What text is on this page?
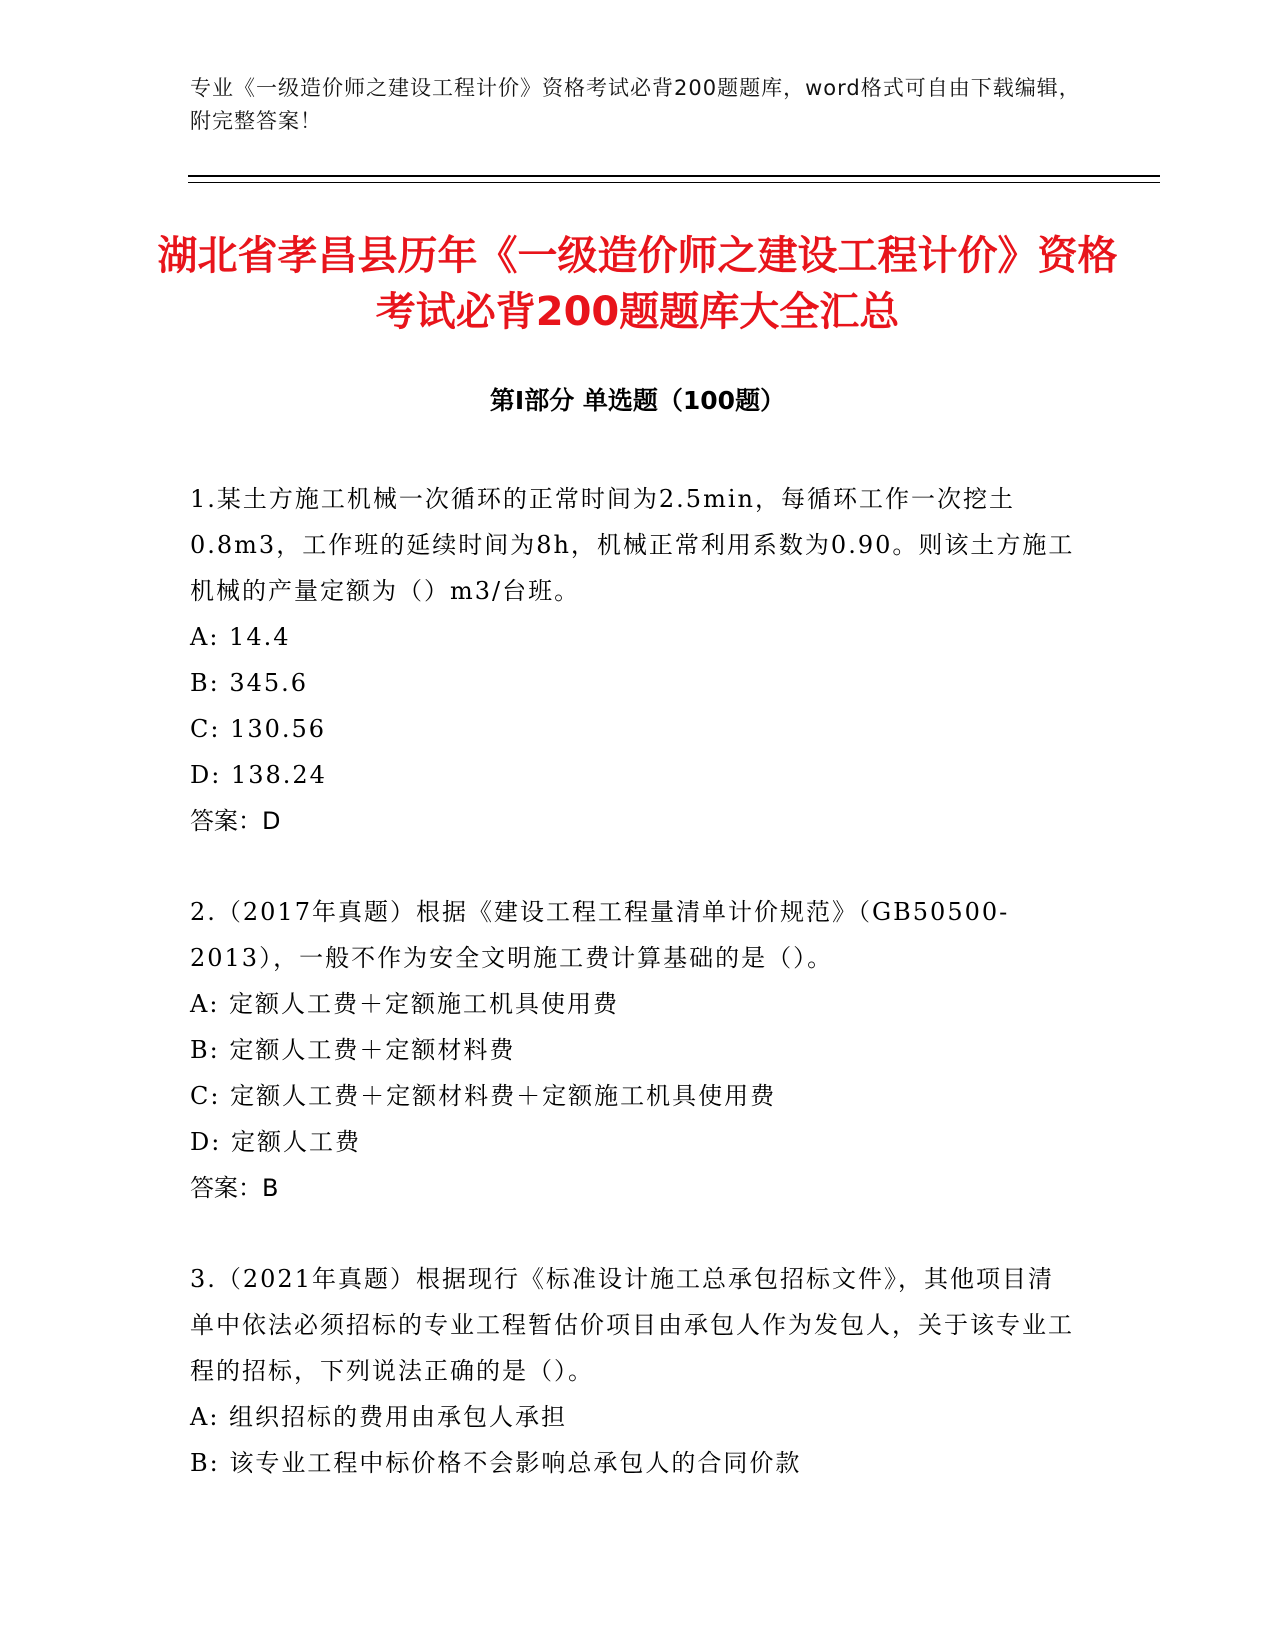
专业《一级造价师之建设工程计价》资格考试必背200题题库，word格式可自由下载编辑，附完整答案！
湖北省孝昌县历年《一级造价师之建设工程计价》资格考试必背200题题库大全汇总
第Ⅰ部分 单选题（100题）
1.某土方施工机械一次循环的正常时间为2.5min，每循环工作一次挖土0.8m3，工作班的延续时间为8h，机械正常利用系数为0.90。则该土方施工机械的产量定额为（）m3/台班。
A: 14.4
B: 345.6
C: 130.56
D: 138.24
答案：D
2.（2017年真题）根据《建设工程工程量清单计价规范》（GB50500-2013），一般不作为安全文明施工费计算基础的是（）。
A: 定额人工费＋定额施工机具使用费
B: 定额人工费＋定额材料费
C: 定额人工费＋定额材料费＋定额施工机具使用费
D: 定额人工费
答案：B
3.（2021年真题）根据现行《标准设计施工总承包招标文件》，其他项目清单中依法必须招标的专业工程暂估价项目由承包人作为发包人，关于该专业工程的招标，下列说法正确的是（）。
A: 组织招标的费用由承包人承担
B: 该专业工程中标价格不会影响总承包人的合同价款
